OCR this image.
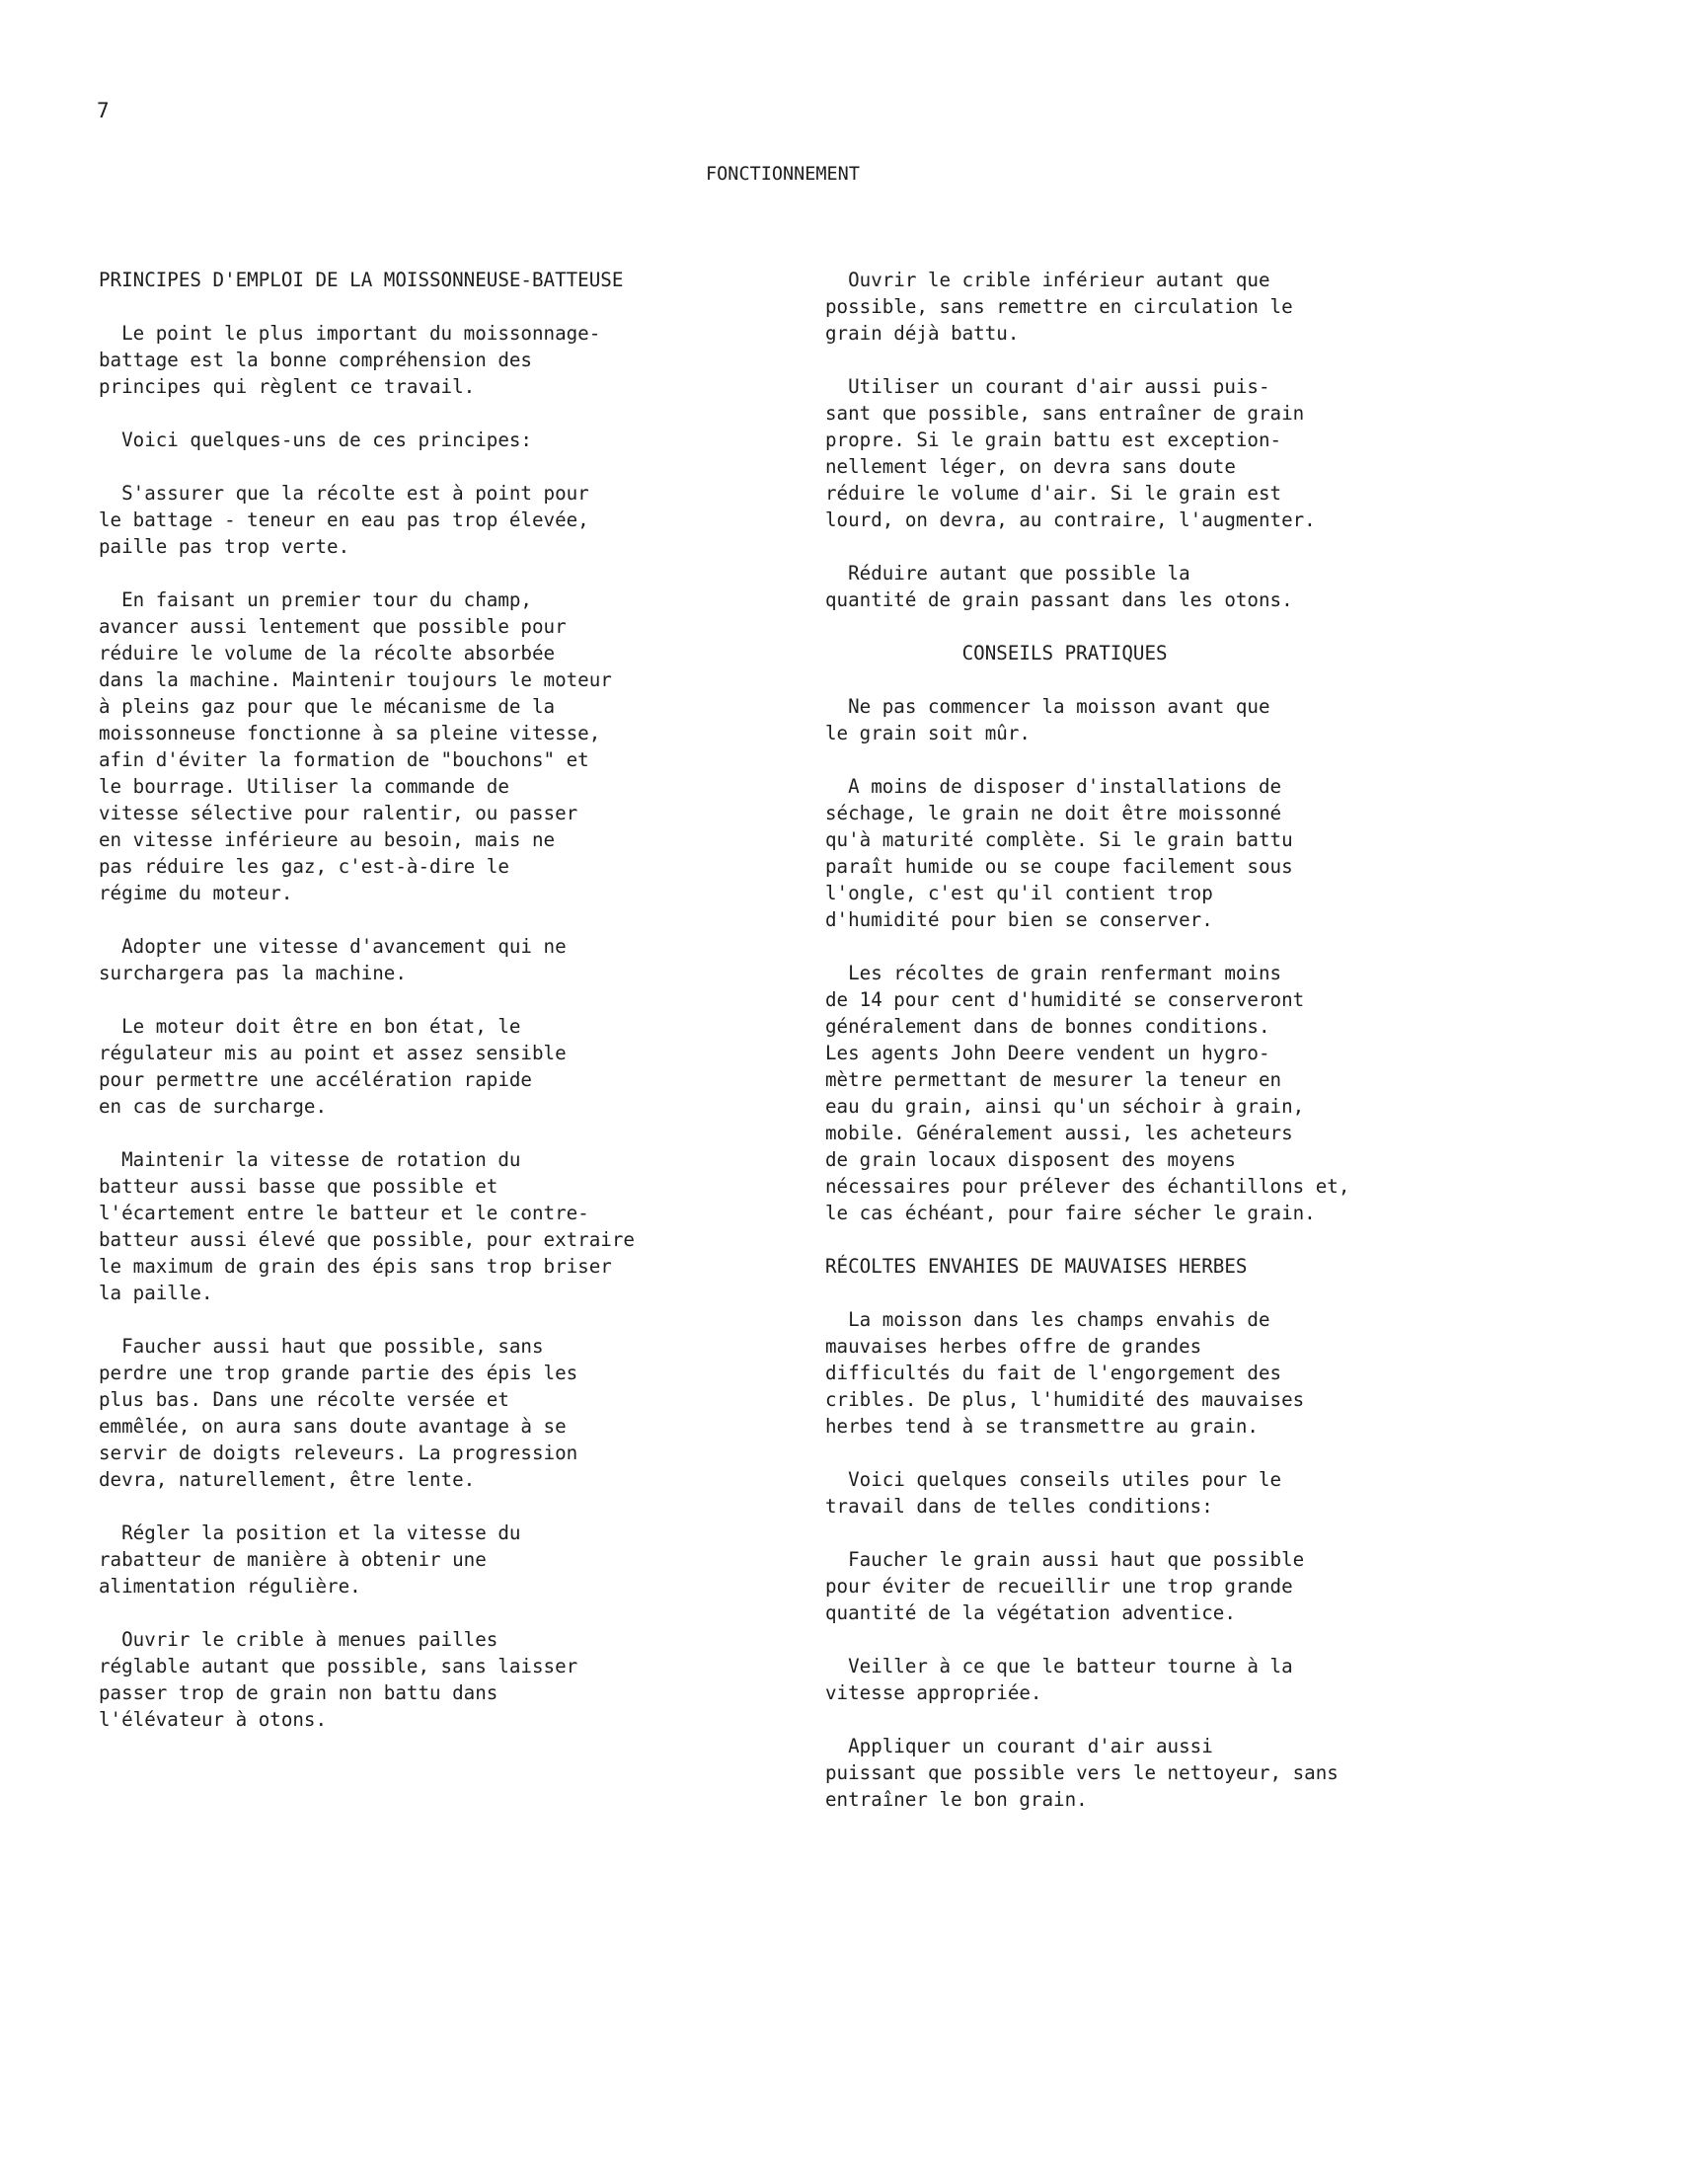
7
FONCTIONNEMENT
PRINCIPES D'EMPLOI DE LA MOISSONNEUSE-BATTEUSE
Le point le plus important du moissonnage-
battage est la bonne compréhension des
principes qui règlent ce travail.
Voici quelques-uns de ces principes:
S'assurer que la récolte est à point pour
le battage - teneur en eau pas trop élevée,
paille pas trop verte.
En faisant un premier tour du champ,
avancer aussi lentement que possible pour
réduire le volume de la récolte absorbée
dans la machine. Maintenir toujours le moteur
à pleins gaz pour que le mécanisme de la
moissonneuse fonctionne à sa pleine vitesse,
afin d'éviter la formation de "bouchons" et
le bourrage. Utiliser la commande de
vitesse sélective pour ralentir, ou passer
en vitesse inférieure au besoin, mais ne
pas réduire les gaz, c'est-à-dire le
régime du moteur.
Adopter une vitesse d'avancement qui ne
surchargera pas la machine.
Le moteur doit être en bon état, le
régulateur mis au point et assez sensible
pour permettre une accélération rapide
en cas de surcharge.
Maintenir la vitesse de rotation du
batteur aussi basse que possible et
l'écartement entre le batteur et le contre-
batteur aussi élevé que possible, pour extraire
le maximum de grain des épis sans trop briser
la paille.
Faucher aussi haut que possible, sans
perdre une trop grande partie des épis les
plus bas. Dans une récolte versée et
emmêlée, on aura sans doute avantage à se
servir de doigts releveurs. La progression
devra, naturellement, être lente.
Régler la position et la vitesse du
rabatteur de manière à obtenir une
alimentation régulière.
Ouvrir le crible à menues pailles
réglable autant que possible, sans laisser
passer trop de grain non battu dans
l'élévateur à otons.
Ouvrir le crible inférieur autant que
possible, sans remettre en circulation le
grain déjà battu.
Utiliser un courant d'air aussi puis-
sant que possible, sans entraîner de grain
propre. Si le grain battu est exception-
nellement léger, on devra sans doute
réduire le volume d'air. Si le grain est
lourd, on devra, au contraire, l'augmenter.
Réduire autant que possible la
quantité de grain passant dans les otons.
CONSEILS PRATIQUES
Ne pas commencer la moisson avant que
le grain soit mûr.
A moins de disposer d'installations de
séchage, le grain ne doit être moissonné
qu'à maturité complète. Si le grain battu
paraît humide ou se coupe facilement sous
l'ongle, c'est qu'il contient trop
d'humidité pour bien se conserver.
Les récoltes de grain renfermant moins
de 14 pour cent d'humidité se conserveront
généralement dans de bonnes conditions.
Les agents John Deere vendent un hygro-
mètre permettant de mesurer la teneur en
eau du grain, ainsi qu'un séchoir à grain,
mobile. Généralement aussi, les acheteurs
de grain locaux disposent des moyens
nécessaires pour prélever des échantillons et,
le cas échéant, pour faire sécher le grain.
RÉCOLTES ENVAHIES DE MAUVAISES HERBES
La moisson dans les champs envahis de
mauvaises herbes offre de grandes
difficultés du fait de l'engorgement des
cribles. De plus, l'humidité des mauvaises
herbes tend à se transmettre au grain.
Voici quelques conseils utiles pour le
travail dans de telles conditions:
Faucher le grain aussi haut que possible
pour éviter de recueillir une trop grande
quantité de la végétation adventice.
Veiller à ce que le batteur tourne à la
vitesse appropriée.
Appliquer un courant d'air aussi
puissant que possible vers le nettoyeur, sans
entraîner le bon grain.
